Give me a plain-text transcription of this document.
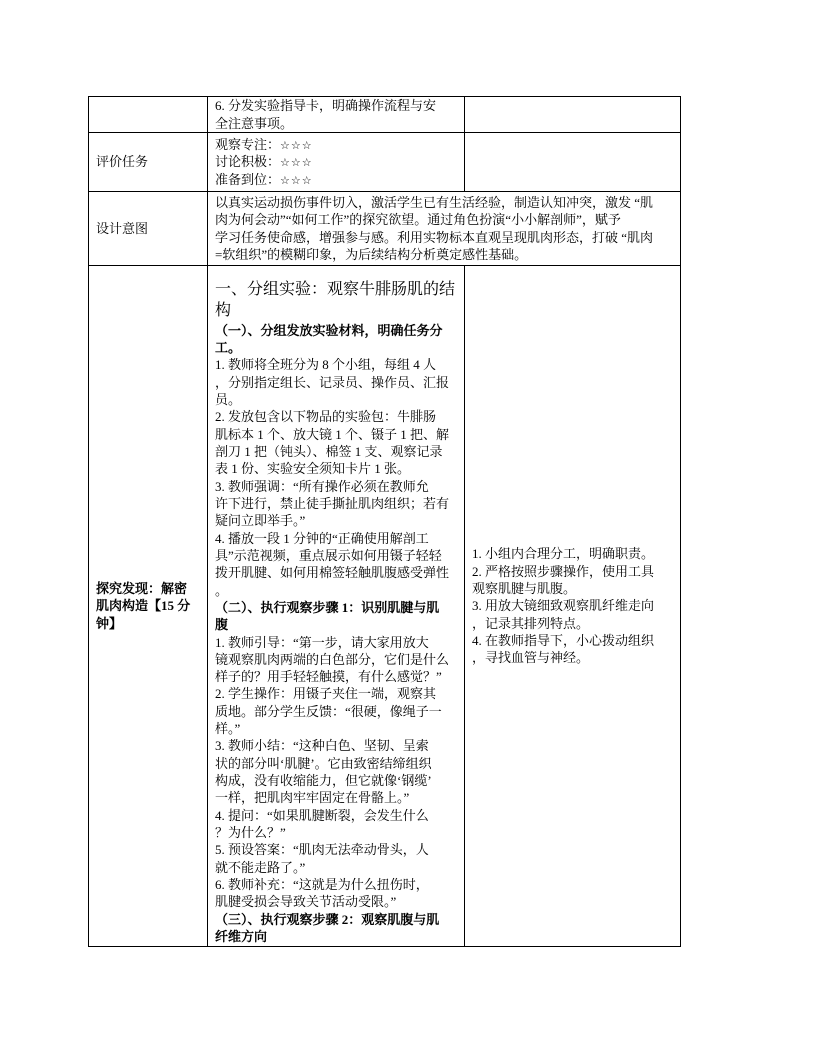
6. 分发实验指导卡，明确操作流程与安
全注意事项。
评价任务
观察专注：☆☆☆
讨论积极：☆☆☆
准备到位：☆☆☆
设计意图
以真实运动损伤事件切入，激活学生已有生活经验，制造认知冲突，激发 “肌
肉为何会动”“如何工作”的探究欲望。通过角色扮演“小小解剖师”，赋予
学习任务使命感，增强参与感。利用实物标本直观呈现肌肉形态，打破 “肌肉
=软组织”的模糊印象，为后续结构分析奠定感性基础。
探究发现：解密
肌肉构造【15 分
钟】
一、分组实验：观察牛腓肠肌的结
构
（一）、分组发放实验材料，明确任务分
工。
1. 教师将全班分为 8 个小组，每组 4 人
，分别指定组长、记录员、操作员、汇报
员。
2. 发放包含以下物品的实验包：牛腓肠
肌标本 1 个、放大镜 1 个、镊子 1 把、解
剖刀 1 把（钝头）、棉签 1 支、观察记录
表 1 份、实验安全须知卡片 1 张。
3. 教师强调：“所有操作必须在教师允
许下进行，禁止徒手撕扯肌肉组织；若有
疑问立即举手。”
4. 播放一段 1 分钟的“正确使用解剖工
具”示范视频，重点展示如何用镊子轻轻
拨开肌腱、如何用棉签轻触肌腹感受弹性
。
（二）、执行观察步骤 1：识别肌腱与肌
腹
1. 教师引导：“第一步，请大家用放大
镜观察肌肉两端的白色部分，它们是什么
样子的？用手轻轻触摸，有什么感觉？”
2. 学生操作：用镊子夹住一端，观察其
质地。部分学生反馈：“很硬，像绳子一
样。”
3. 教师小结：“这种白色、坚韧、呈索
状的部分叫‘肌腱’。它由致密结缔组织
构成，没有收缩能力，但它就像‘钢缆’
一样，把肌肉牢牢固定在骨骼上。”
4. 提问：“如果肌腱断裂，会发生什么
？为什么？”
5. 预设答案：“肌肉无法牵动骨头，人
就不能走路了。”
6. 教师补充：“这就是为什么扭伤时，
肌腱受损会导致关节活动受限。”
（三）、执行观察步骤 2：观察肌腹与肌
纤维方向
1. 小组内合理分工，明确职责。
2. 严格按照步骤操作，使用工具
观察肌腱与肌腹。
3. 用放大镜细致观察肌纤维走向
，记录其排列特点。
4. 在教师指导下，小心拨动组织
，寻找血管与神经。
